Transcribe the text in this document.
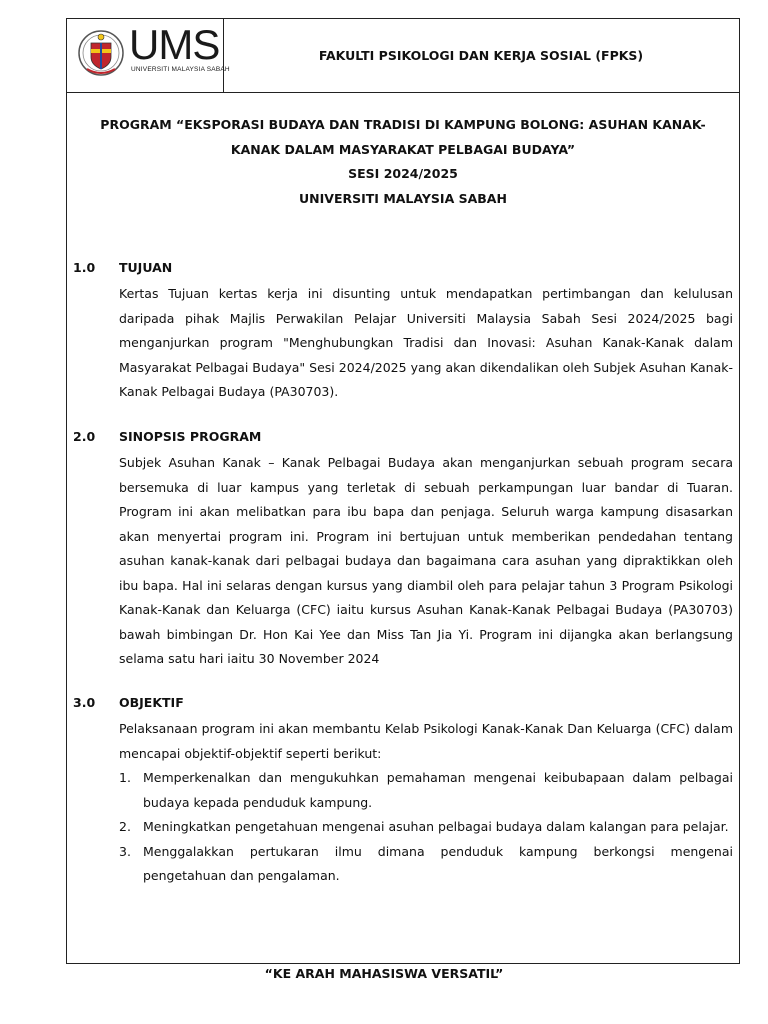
UMS
UNIVERSITI MALAYSIA SABAH
FAKULTI PSIKOLOGI DAN KERJA SOSIAL (FPKS)
PROGRAM “EKSPORASI BUDAYA DAN TRADISI DI KAMPUNG BOLONG: ASUHAN KANAK-
KANAK DALAM MASYARAKAT PELBAGAI BUDAYA”
SESI 2024/2025
UNIVERSITI MALAYSIA SABAH
1.0 TUJUAN
Kertas Tujuan kertas kerja ini disunting untuk mendapatkan pertimbangan dan kelulusan daripada pihak Majlis Perwakilan Pelajar Universiti Malaysia Sabah Sesi 2024/2025 bagi menganjurkan program "Menghubungkan Tradisi dan Inovasi: Asuhan Kanak-Kanak dalam Masyarakat Pelbagai Budaya" Sesi 2024/2025 yang akan dikendalikan oleh Subjek Asuhan Kanak-Kanak Pelbagai Budaya (PA30703).
2.0 SINOPSIS PROGRAM
Subjek Asuhan Kanak – Kanak Pelbagai Budaya akan menganjurkan sebuah program secara bersemuka di luar kampus yang terletak di sebuah perkampungan luar bandar di Tuaran. Program ini akan melibatkan para ibu bapa dan penjaga. Seluruh warga kampung disasarkan akan menyertai program ini. Program ini bertujuan untuk memberikan pendedahan tentang asuhan kanak-kanak dari pelbagai budaya dan bagaimana cara asuhan yang dipraktikkan oleh ibu bapa. Hal ini selaras dengan kursus yang diambil oleh para pelajar tahun 3 Program Psikologi Kanak-Kanak dan Keluarga (CFC) iaitu kursus Asuhan Kanak-Kanak Pelbagai Budaya (PA30703) bawah bimbingan Dr. Hon Kai Yee dan Miss Tan Jia Yi. Program ini dijangka akan berlangsung selama satu hari iaitu 30 November 2024
3.0 OBJEKTIF
Pelaksanaan program ini akan membantu Kelab Psikologi Kanak-Kanak Dan Keluarga (CFC) dalam mencapai objektif-objektif seperti berikut:
1. Memperkenalkan dan mengukuhkan pemahaman mengenai keibubapaan dalam pelbagai budaya kepada penduduk kampung.
2. Meningkatkan pengetahuan mengenai asuhan pelbagai budaya dalam kalangan para pelajar.
3. Menggalakkan pertukaran ilmu dimana penduduk kampung berkongsi mengenai pengetahuan dan pengalaman.
“KE ARAH MAHASISWA VERSATIL”
